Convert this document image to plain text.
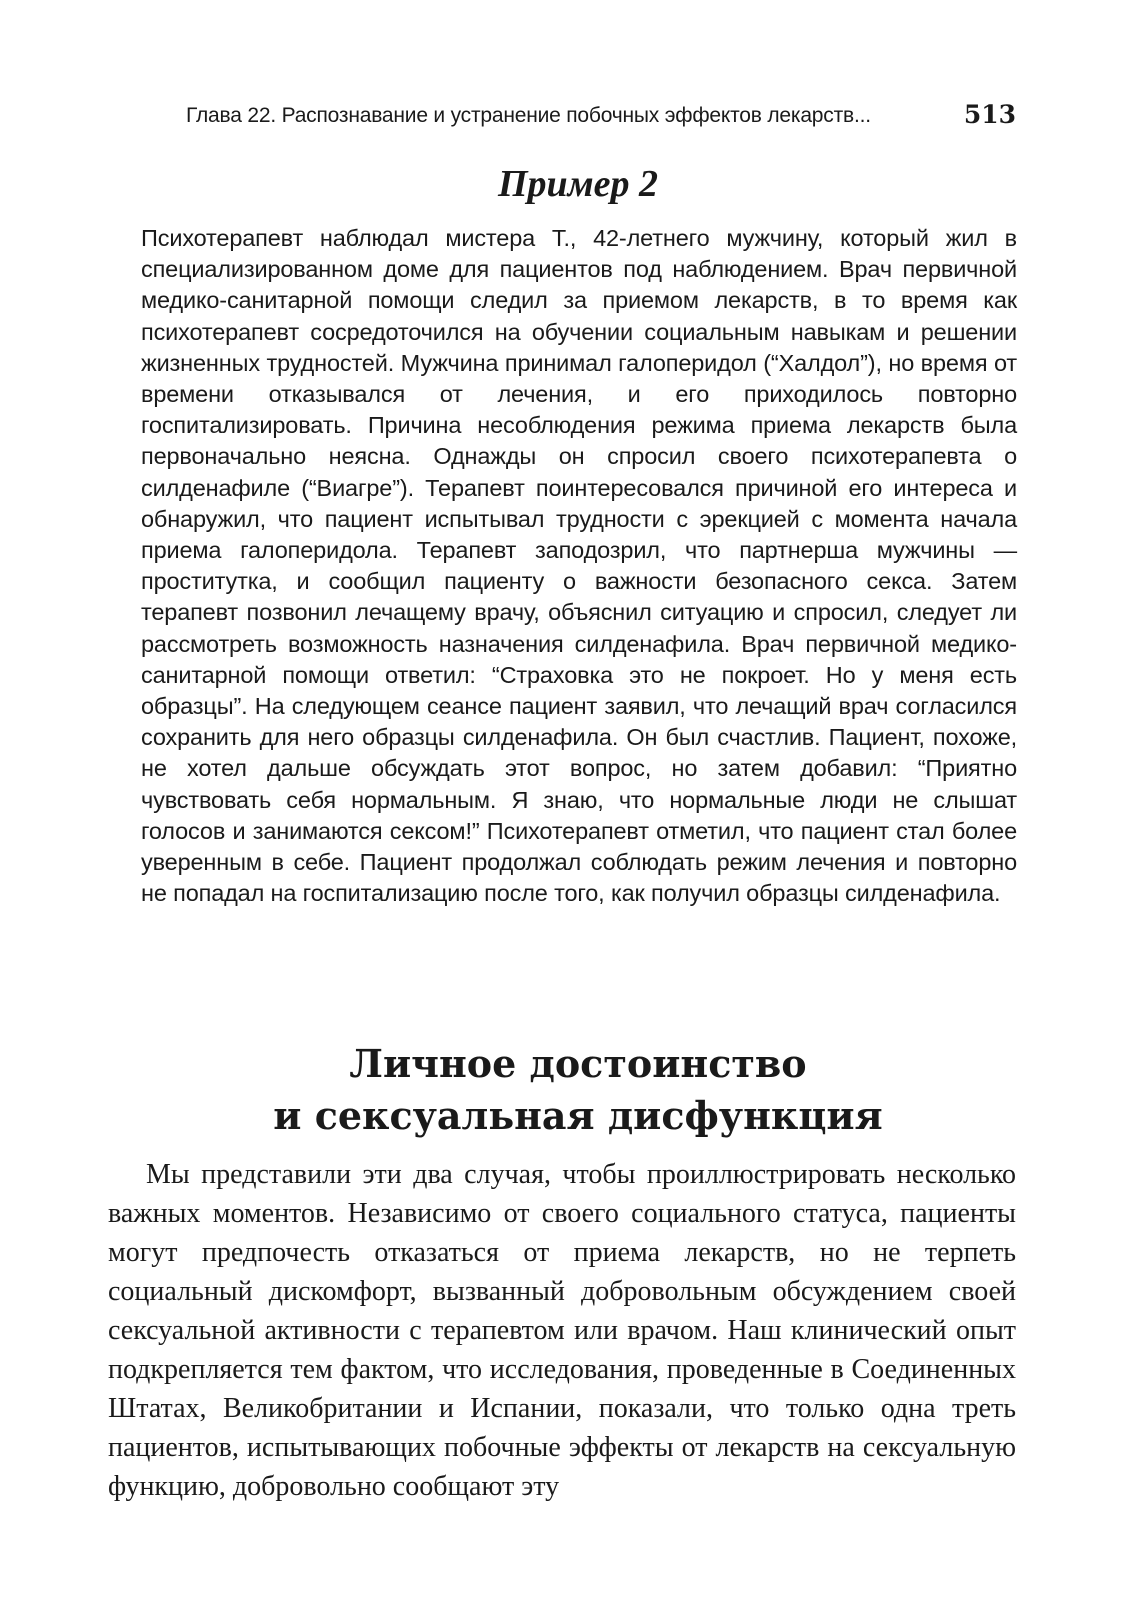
Глава 22. Распознавание и устранение побочных эффектов лекарств...	513
Пример 2

Психотерапевт наблюдал мистера Т., 42-летнего мужчину, который жил в специализированном доме для пациентов под наблюдением. Врач первичной медико-санитарной помощи следил за приемом лекарств, в то время как психотерапевт сосредоточился на обучении социальным навыкам и решении жизненных трудностей. Мужчина принимал галоперидол (“Халдол”), но время от времени отказывался от лечения, и его приходилось повторно госпитализировать. Причина несоблюдения режима приема лекарств была первоначально неясна. Однажды он спросил своего психотерапевта о силденафиле (“Виагре”). Терапевт поинтересовался причиной его интереса и обнаружил, что пациент испытывал трудности с эрекцией с момента начала приема галоперидола. Терапевт заподозрил, что партнерша мужчины — проститутка, и сообщил пациенту о важности безопасного секса. Затем терапевт позвонил лечащему врачу, объяснил ситуацию и спросил, следует ли рассмотреть возможность назначения силденафила. Врач первичной медико-санитарной помощи ответил: “Страховка это не покроет. Но у меня есть образцы”. На следующем сеансе пациент заявил, что лечащий врач согласился сохранить для него образцы силденафила. Он был счастлив. Пациент, похоже, не хотел дальше обсуждать этот вопрос, но затем добавил: “Приятно чувствовать себя нормальным. Я знаю, что нормальные люди не слышат голосов и занимаются сексом!” Психотерапевт отметил, что пациент стал более уверенным в себе. Пациент продолжал соблюдать режим лечения и повторно не попадал на госпитализацию после того, как получил образцы силденафила.

Личное достоинство
и сексуальная дисфункция

Мы представили эти два случая, чтобы проиллюстрировать несколько важных моментов. Независимо от своего социального статуса, пациенты могут предпочесть отказаться от приема лекарств, но не терпеть социальный дискомфорт, вызванный добровольным обсуждением своей сексуальной активности с терапевтом или врачом. Наш клинический опыт подкрепляется тем фактом, что исследования, проведенные в Соединенных Штатах, Великобритании и Испании, показали, что только одна треть пациентов, испытывающих побочные эффекты от лекарств на сексуальную функцию, добровольно сообщают эту
